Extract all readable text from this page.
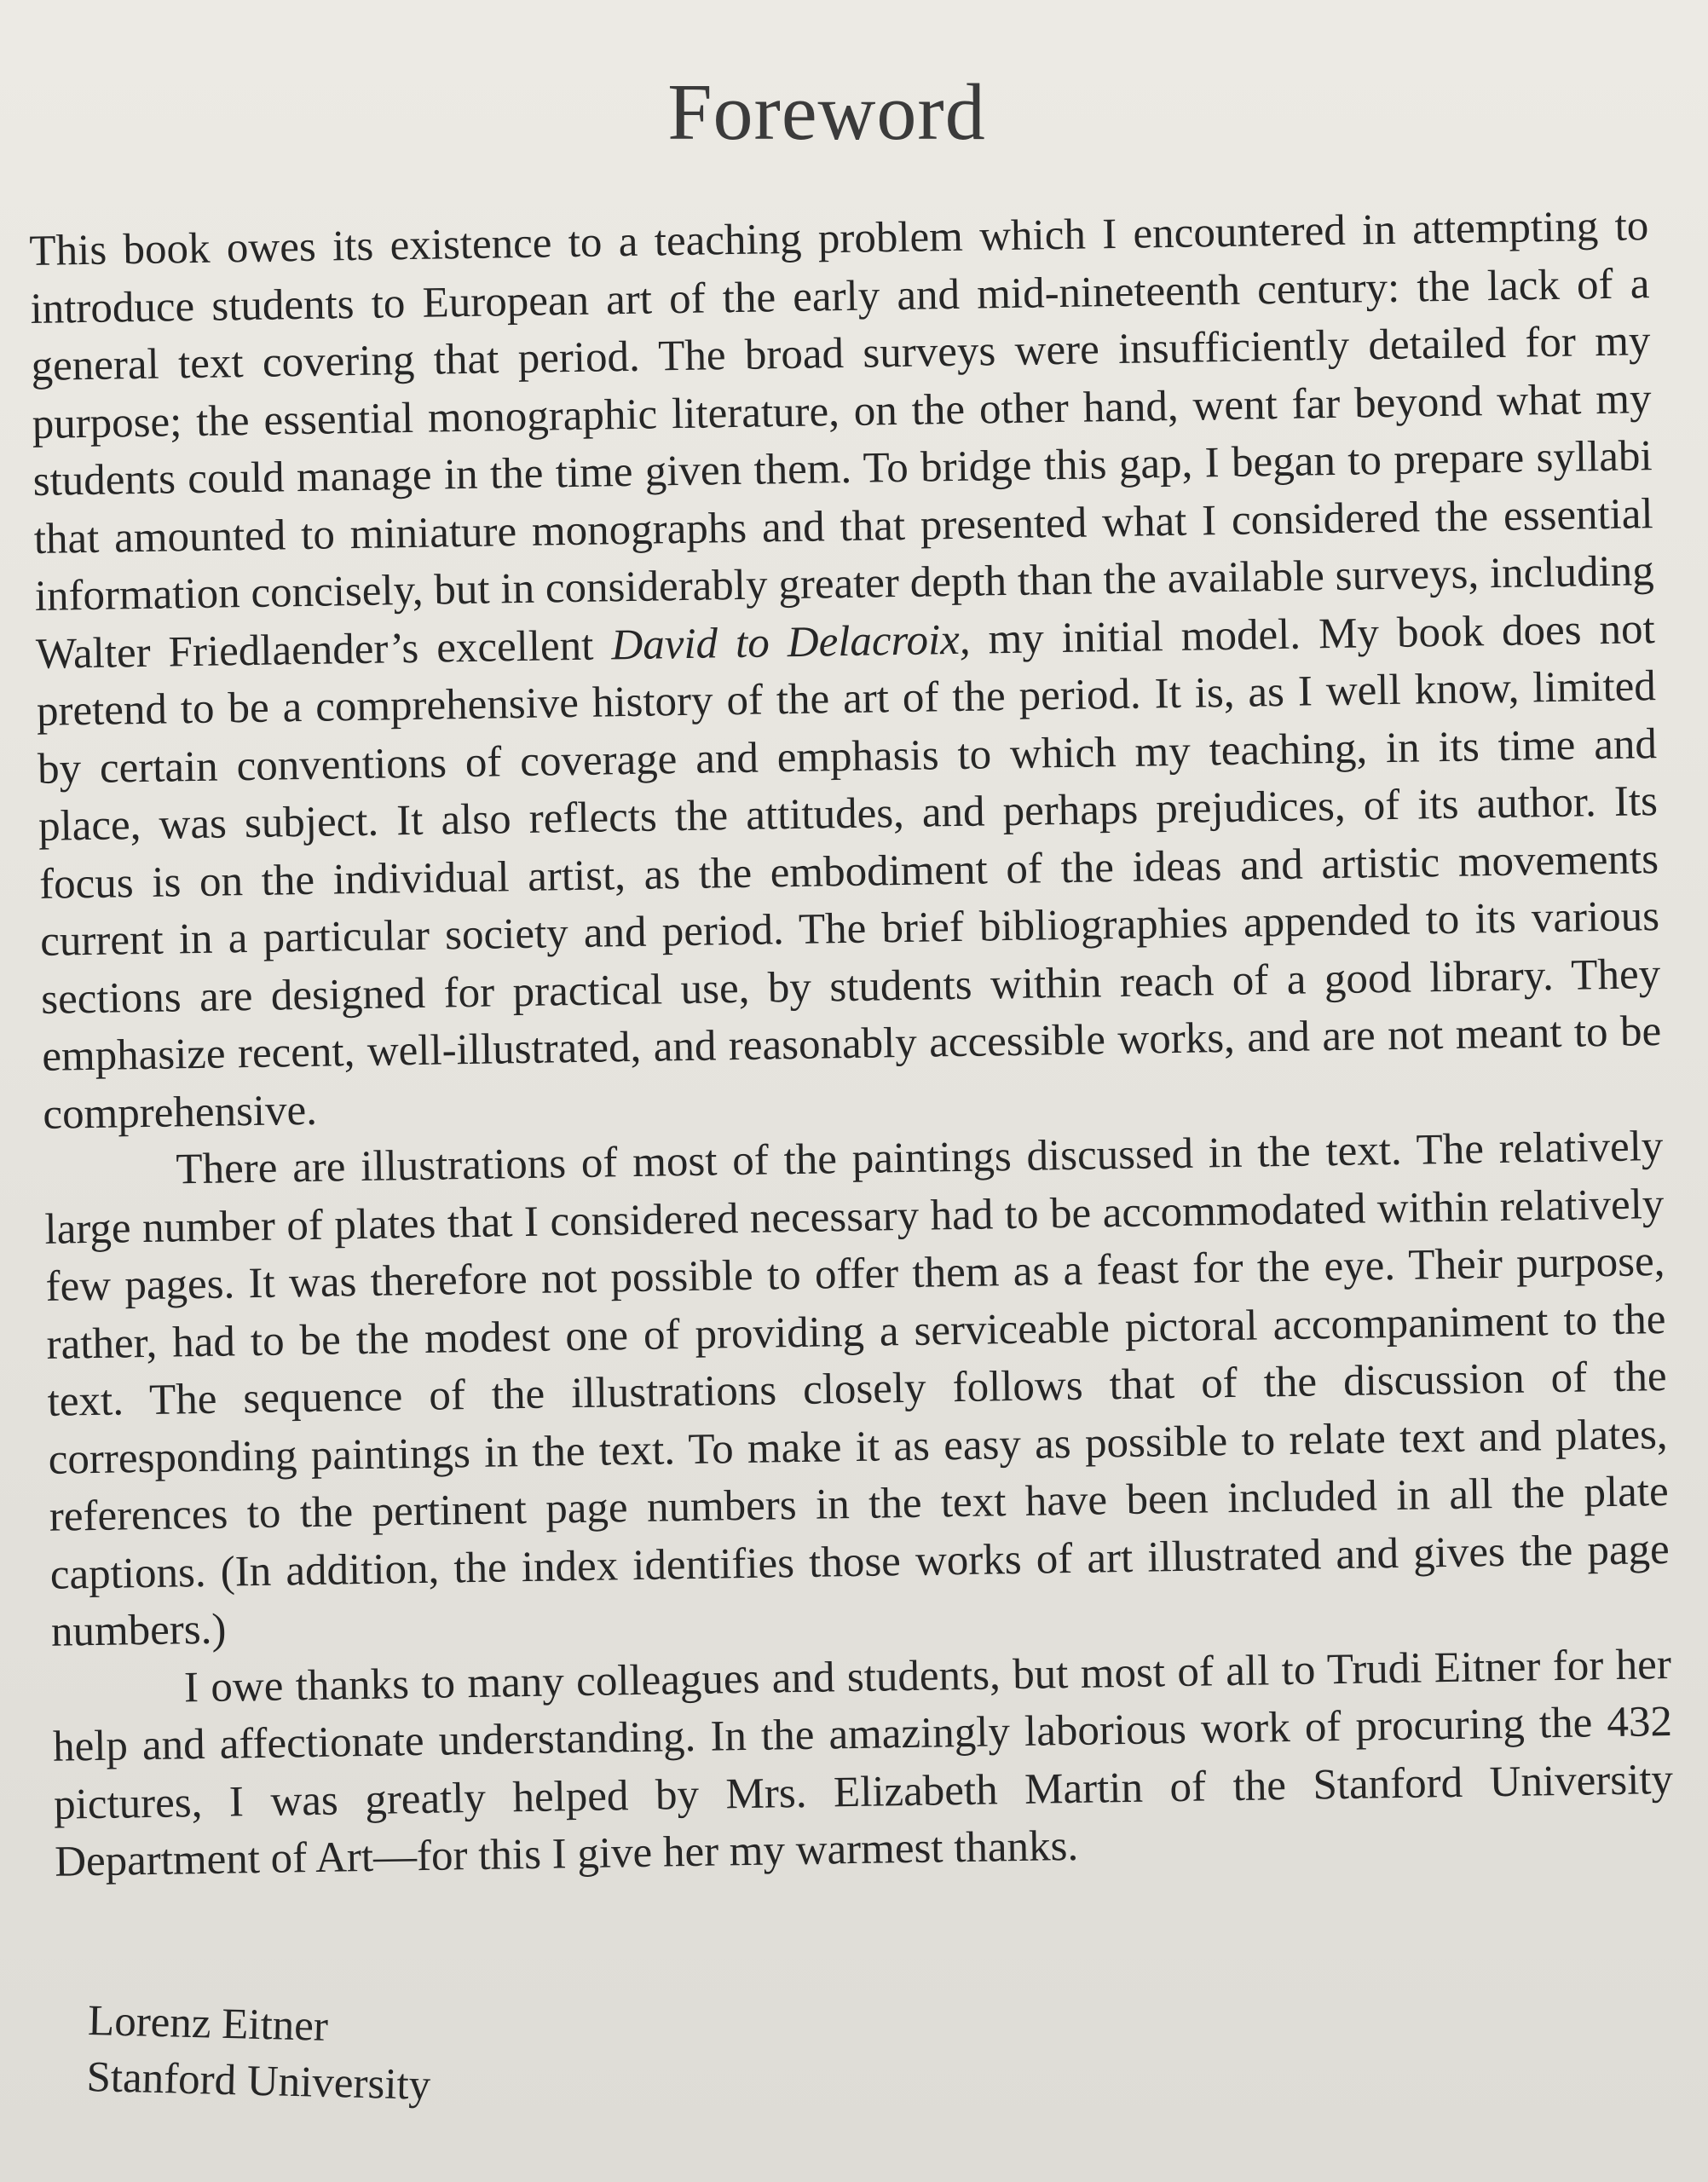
Foreword

This book owes its existence to a teaching problem which I encountered in attempting to introduce students to European art of the early and mid-nineteenth century: the lack of a general text covering that period. The broad surveys were insufficiently detailed for my purpose; the essential monographic literature, on the other hand, went far beyond what my students could manage in the time given them. To bridge this gap, I began to prepare syllabi that amounted to miniature monographs and that presented what I considered the essential information concisely, but in considerably greater depth than the available surveys, including Walter Friedlaender’s excellent David to Delacroix, my initial model. My book does not pretend to be a comprehensive history of the art of the period. It is, as I well know, limited by certain conventions of coverage and emphasis to which my teaching, in its time and place, was subject. It also reflects the attitudes, and perhaps prejudices, of its author. Its focus is on the individual artist, as the embodiment of the ideas and artistic movements current in a particular society and period. The brief bibliographies appended to its various sections are designed for practical use, by students within reach of a good library. They emphasize recent, well-illustrated, and reasonably accessible works, and are not meant to be comprehensive.

There are illustrations of most of the paintings discussed in the text. The relatively large number of plates that I considered necessary had to be accommodated within relatively few pages. It was therefore not possible to offer them as a feast for the eye. Their purpose, rather, had to be the modest one of providing a serviceable pictoral accompaniment to the text. The sequence of the illustrations closely follows that of the discussion of the corresponding paintings in the text. To make it as easy as possible to relate text and plates, references to the pertinent page numbers in the text have been included in all the plate captions. (In addition, the index identifies those works of art illustrated and gives the page numbers.)

I owe thanks to many colleagues and students, but most of all to Trudi Eitner for her help and affectionate understanding. In the amazingly laborious work of procuring the 432 pictures, I was greatly helped by Mrs. Elizabeth Martin of the Stanford University Department of Art—for this I give her my warmest thanks.

Lorenz Eitner
Stanford University
